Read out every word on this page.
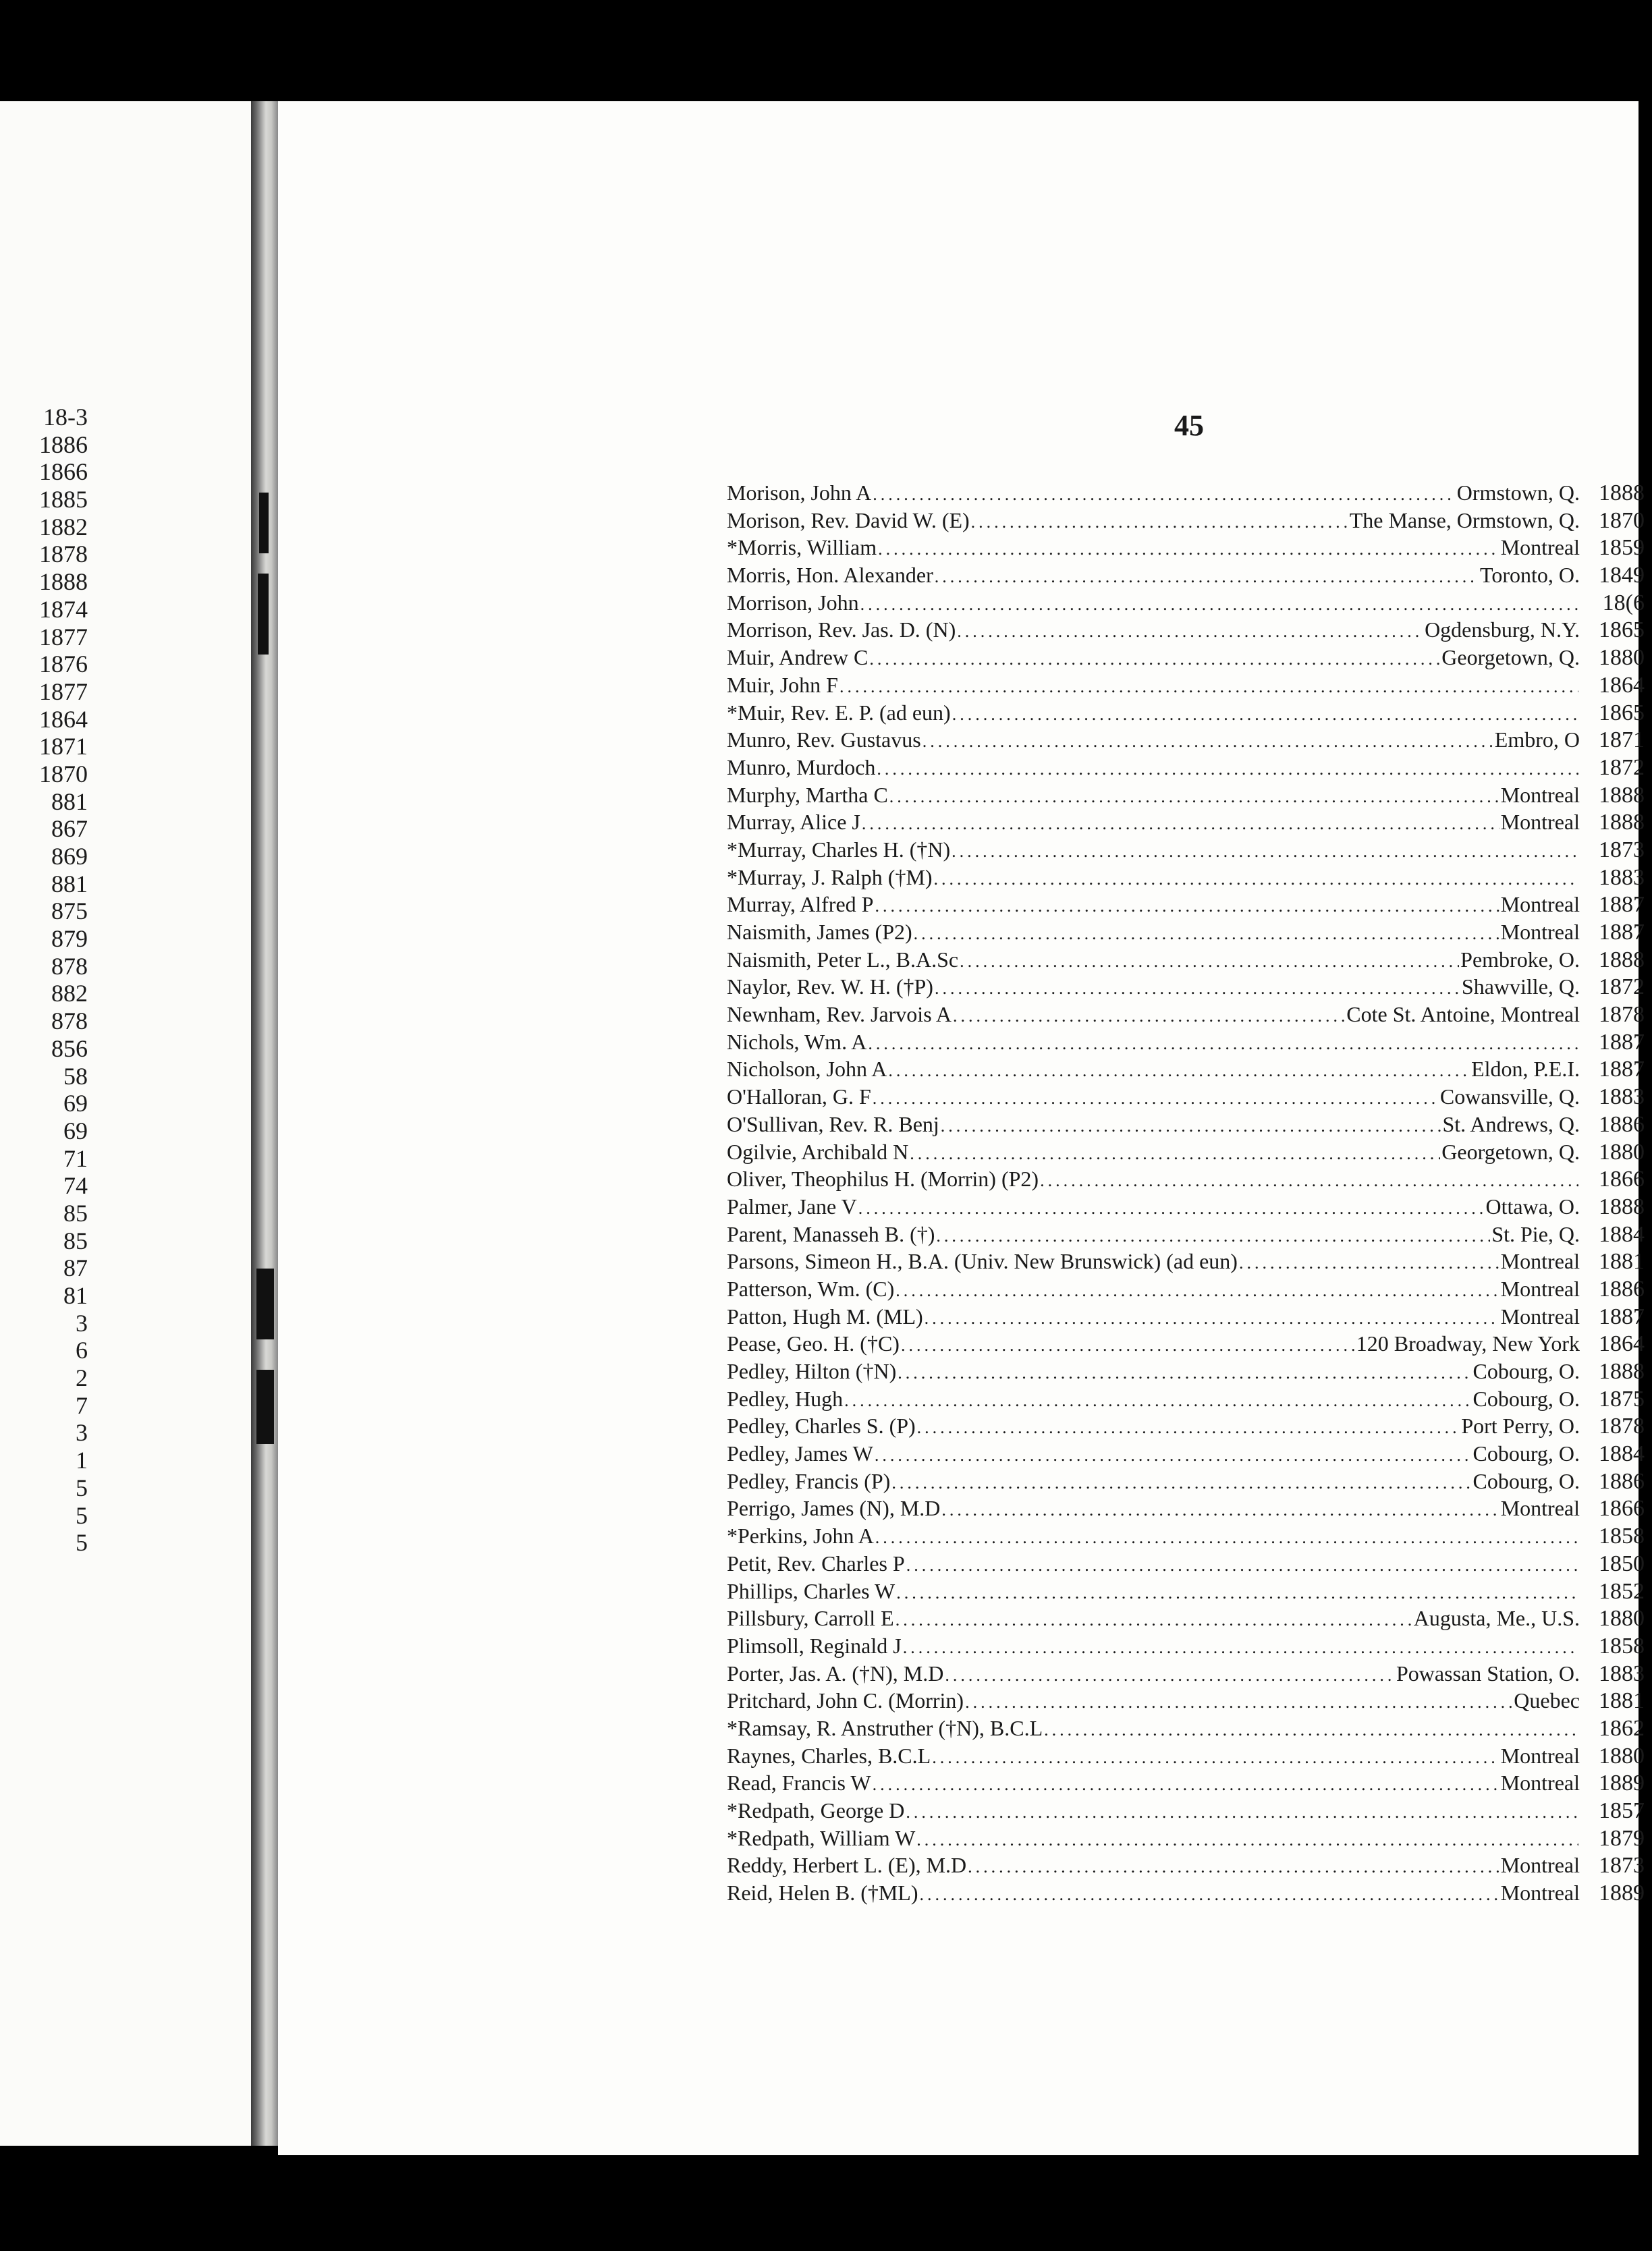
18-3
1886
1866
1885
1882
1878
1888
1874
1877
1876
1877
1864
1871
1870
881
867
869
881
875
879
878
882
878
856
58
69
69
71
74
85
85
87
81
3
6
2
7
3
1
5
5
5
45
Morison, John A .....	Ormstown, Q. 1888
Morison, Rev. David W. (E) .....	The Manse, Ormstown, Q. 1870
*Morris, William .....	Montreal 1859
Morris, Hon. Alexander .....	Toronto, O. 1849
Morrison, John .....	18(6
Morrison, Rev. Jas. D. (N) .....	Ogdensburg, N.Y. 1865
Muir, Andrew C .....	Georgetown, Q. 1880
Muir, John F .....	1864
*Muir, Rev. E. P. (ad eun) .....	1865
Munro, Rev. Gustavus .....	Embro, O 1871
Munro, Murdoch .....	1872
Murphy, Martha C .....	Montreal 1888
Murray, Alice J .....	Montreal 1888
*Murray, Charles H. (†N) .....	1873
*Murray, J. Ralph (†M) .....	1883
Murray, Alfred P .....	Montreal 1887
Naismith, James (P2) .....	Montreal 1887
Naismith, Peter L., B.A.Sc .....	Pembroke, O. 1888
Naylor, Rev. W. H. (†P) .....	Shawville, Q. 1872
Newnham, Rev. Jarvois A .....	Cote St. Antoine, Montreal 1878
Nichols, Wm. A .....	1887
Nicholson, John A .....	Eldon, P.E.I. 1887
O'Halloran, G. F .....	Cowansville, Q. 1883
O'Sullivan, Rev. R. Benj .....	St. Andrews, Q. 1886
Ogilvie, Archibald N .....	Georgetown, Q. 1880
Oliver, Theophilus H. (Morrin) (P2) .....	1866
Palmer, Jane V .....	Ottawa, O. 1888
Parent, Manasseh B. (†) .....	St. Pie, Q. 1884
Parsons, Simeon H., B.A. (Univ. New Brunswick) (ad eun) .....	Montreal 1881
Patterson, Wm. (C) .....	Montreal 1886
Patton, Hugh M. (ML) .....	Montreal 1887
Pease, Geo. H. (†C) .....	120 Broadway, New York 1864
Pedley, Hilton (†N) .....	Cobourg, O. 1888
Pedley, Hugh .....	Cobourg, O. 1875
Pedley, Charles S. (P) .....	Port Perry, O. 1878
Pedley, James W .....	Cobourg, O. 1884
Pedley, Francis (P) .....	Cobourg, O. 1886
Perrigo, James (N), M.D .....	Montreal 1866
*Perkins, John A .....	1858
Petit, Rev. Charles P .....	1850
Phillips, Charles W .....	1852
Pillsbury, Carroll E .....	Augusta, Me., U.S. 1880
Plimsoll, Reginald J .....	1858
Porter, Jas. A. (†N), M.D .....	Powassan Station, O. 1883
Pritchard, John C. (Morrin) .....	Quebec 1881
*Ramsay, R. Anstruther (†N), B.C.L .....	1862
Raynes, Charles, B.C.L .....	Montreal 1880
Read, Francis W .....	Montreal 1889
*Redpath, George D .....	1857
*Redpath, William W .....	1879
Reddy, Herbert L. (E), M.D .....	Montreal 1873
Reid, Helen B. (†ML) .....	Montreal 1889
